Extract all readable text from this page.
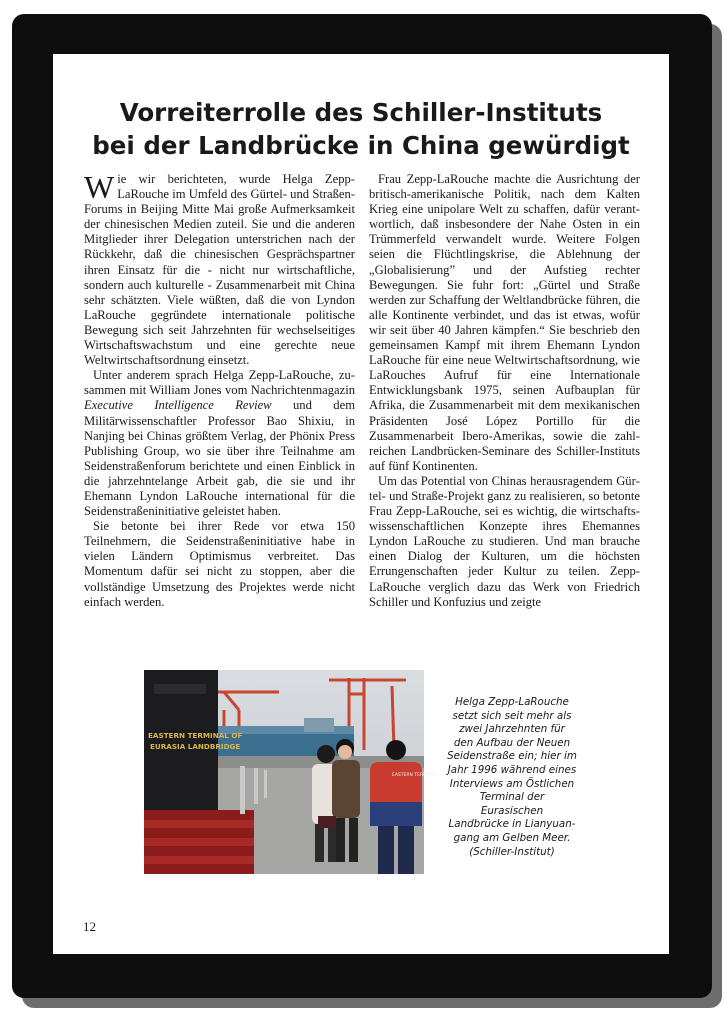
Vorreiterrolle des Schiller-Instituts
bei der Landbrücke in China gewürdigt

Wie wir berichteten, wurde Helga Zepp-LaRouche im Umfeld des Gürtel- und Straßen-Forums in Beijing Mitte Mai große Aufmerksamkeit der chinesischen Medien zuteil. Sie und die anderen Mitglieder ihrer Delegation unterstrichen nach der Rückkehr, daß die chinesischen Gesprächspartner ihren Einsatz für die - nicht nur wirtschaftliche, sondern auch kulturelle - Zusammenarbeit mit China sehr schätzten. Viele wüßten, daß die von Lyndon LaRouche gegründete internationale politische Bewegung sich seit Jahrzehnten für wechselseitiges Wirtschaftswachstum und eine gerechte neue Weltwirtschaftsordnung einsetzt.

Unter anderem sprach Helga Zepp-LaRouche, zusammen mit William Jones vom Nachrichtenmagazin Executive Intelligence Review und dem Militärwissenschaftler Professor Bao Shixiu, in Nanjing bei Chinas größtem Verlag, der Phönix Press Publishing Group, wo sie über ihre Teilnahme am Seidenstraßenforum berichtete und einen Einblick in die jahrzehntelange Arbeit gab, die sie und ihr Ehemann Lyndon LaRouche international für die Seidenstraßeninitiative geleistet haben.

Sie betonte bei ihrer Rede vor etwa 150 Teilnehmern, die Seidenstraßeninitiative habe in vielen Ländern Optimismus verbreitet. Das Momentum dafür sei nicht zu stoppen, aber die vollständige Umsetzung des Projektes werde nicht einfach werden.

Frau Zepp-LaRouche machte die Ausrichtung der britisch-amerikanische Politik, nach dem Kalten Krieg eine unipolare Welt zu schaffen, dafür verantwortlich, daß insbesondere der Nahe Osten in ein Trümmerfeld verwandelt wurde. Weitere Folgen seien die Flüchtlingskrise, die Ablehnung der „Globalisierung” und der Aufstieg rechter Bewegungen. Sie fuhr fort: „Gürtel und Straße werden zur Schaffung der Weltlandbrücke führen, die alle Kontinente verbindet, und das ist etwas, wofür wir seit über 40 Jahren kämpfen.“ Sie beschrieb den gemeinsamen Kampf mit ihrem Ehemann Lyndon LaRouche für eine neue Weltwirtschaftsordnung, wie LaRouches Aufruf für eine Internationale Entwicklungsbank 1975, seinen Aufbauplan für Afrika, die Zusammenarbeit mit dem mexikanischen Präsidenten José López Portillo für die Zusammenarbeit Ibero-Amerikas, sowie die zahlreichen Landbrücken-Seminare des Schiller-Instituts auf fünf Kontinenten.

Um das Potential von Chinas herausragendem Gürtel- und Straße-Projekt ganz zu realisieren, so betonte Frau Zepp-LaRouche, sei es wichtig, die wirtschaftswissenschaftlichen Konzepte ihres Ehemannes Lyndon LaRouche zu studieren. Und man brauche einen Dialog der Kulturen, um die höchsten Errungenschaften jeder Kultur zu teilen. Zepp-LaRouche verglich dazu das Werk von Friedrich Schiller und Konfuzius und zeigte

EASTERN TERMINAL OF
EURASIA LANDBRIDGE
EASTERN TERMINAL
Helga Zepp-LaRouche
setzt sich seit mehr als
zwei Jahrzehnten für
den Aufbau der Neuen
Seidenstraße ein; hier im
Jahr 1996 während eines
Interviews am Östlichen
Terminal der Eurasischen
Landbrücke in Lianyuan-
gang am Gelben Meer.
(Schiller-Institut)
12
